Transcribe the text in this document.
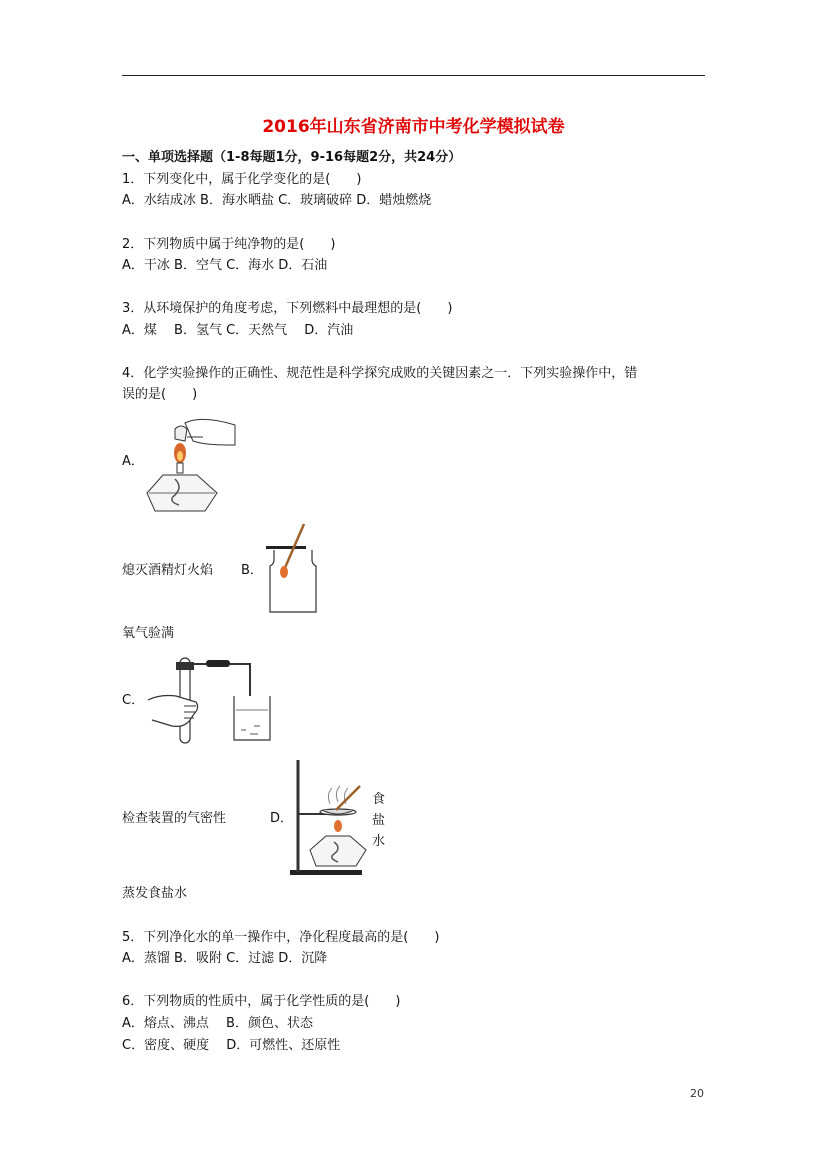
2016年山东省济南市中考化学模拟试卷
一、单项选择题（1-8每题1分，9-16每题2分，共24分）
1．下列变化中，属于化学变化的是(　　)
A．水结成冰 B．海水晒盐 C．玻璃破碎 D．蜡烛燃烧
2．下列物质中属于纯净物的是(　　)
A．干冰 B．空气 C．海水 D．石油
3．从环境保护的角度考虑，下列燃料中最理想的是(　　)
A．煤　 B．氢气 C．天然气　 D．汽油
4．化学实验操作的正确性、规范性是科学探究成败的关键因素之一．下列实验操作中，错
误的是(　　)
A．
熄灭酒精灯火焰 B．
氧气验满
C．
检查装置的气密性	D．
食
盐
水
蒸发食盐水
5．下列净化水的单一操作中，净化程度最高的是(　　)
A．蒸馏 B．吸附 C．过滤 D．沉降
6．下列物质的性质中，属于化学性质的是(　　)
A．熔点、沸点　 B．颜色、状态
C．密度、硬度　 D．可燃性、还原性
20
